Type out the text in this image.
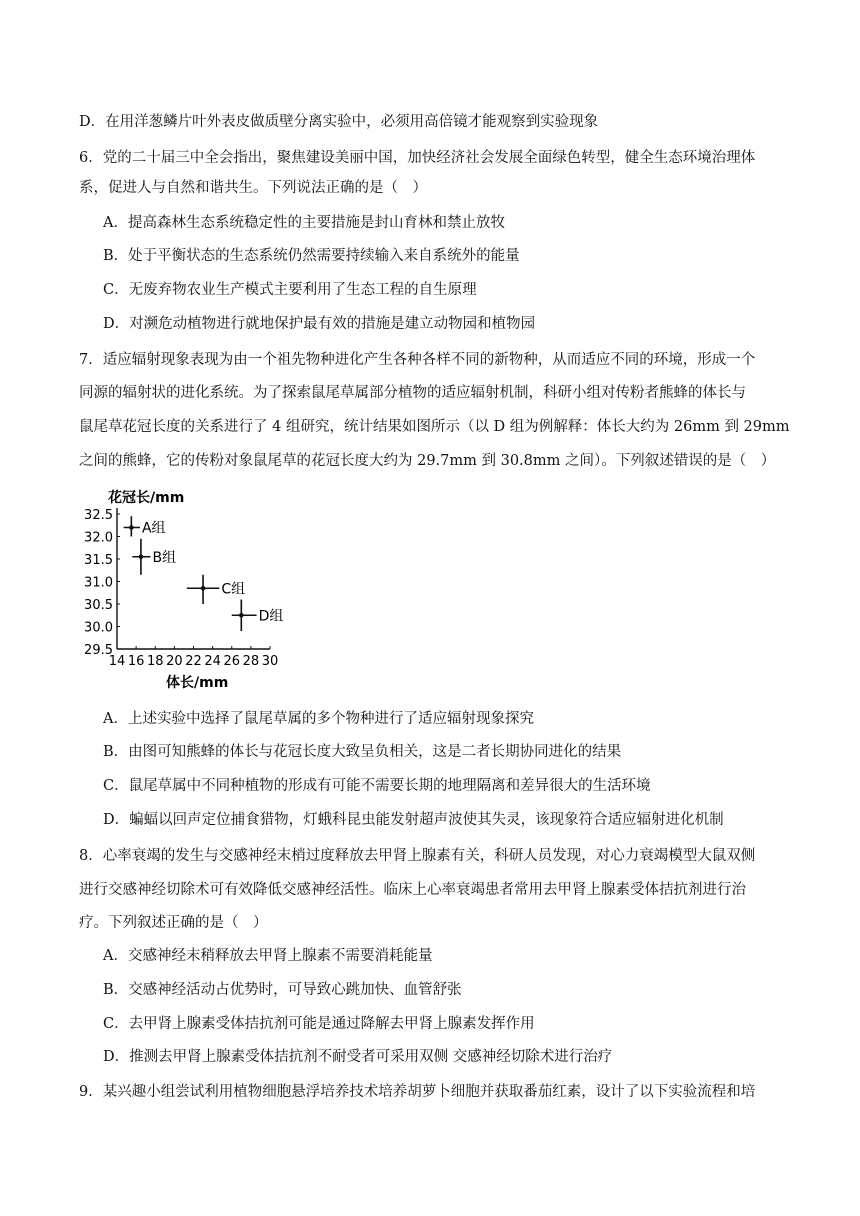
D．在用洋葱鳞片叶外表皮做质壁分离实验中，必须用高倍镜才能观察到实验现象
6．党的二十届三中全会指出，聚焦建设美丽中国，加快经济社会发展全面绿色转型，健全生态环境治理体
系，促进人与自然和谐共生。下列说法正确的是（　）
A．提高森林生态系统稳定性的主要措施是封山育林和禁止放牧
B．处于平衡状态的生态系统仍然需要持续输入来自系统外的能量
C．无废弃物农业生产模式主要利用了生态工程的自生原理
D．对濒危动植物进行就地保护最有效的措施是建立动物园和植物园
7．适应辐射现象表现为由一个祖先物种进化产生各种各样不同的新物种，从而适应不同的环境，形成一个
同源的辐射状的进化系统。为了探索鼠尾草属部分植物的适应辐射机制，科研小组对传粉者熊蜂的体长与
鼠尾草花冠长度的关系进行了 4 组研究，统计结果如图所示（以 D 组为例解释：体长大约为 26mm 到 29mm
之间的熊蜂，它的传粉对象鼠尾草的花冠长度大约为 29.7mm 到 30.8mm 之间）。下列叙述错误的是（　）
花冠长/mm
体长/mm
14 16 18 20 22 24 26 28 30
29.5
30.0
30.5
31.0
31.5
32.0
32.5
A组
B组
C组
D组
A．上述实验中选择了鼠尾草属的多个物种进行了适应辐射现象探究
B．由图可知熊蜂的体长与花冠长度大致呈负相关，这是二者长期协同进化的结果
C．鼠尾草属中不同种植物的形成有可能不需要长期的地理隔离和差异很大的生活环境
D．蝙蝠以回声定位捕食猎物，灯蛾科昆虫能发射超声波使其失灵，该现象符合适应辐射进化机制
8．心率衰竭的发生与交感神经末梢过度释放去甲肾上腺素有关，科研人员发现，对心力衰竭模型大鼠双侧
进行交感神经切除术可有效降低交感神经活性。临床上心率衰竭患者常用去甲肾上腺素受体拮抗剂进行治
疗。下列叙述正确的是（　）
A．交感神经末稍释放去甲肾上腺素不需要消耗能量
B．交感神经活动占优势时，可导致心跳加快、血管舒张
C．去甲肾上腺素受体拮抗剂可能是通过降解去甲肾上腺素发挥作用
D．推测去甲肾上腺素受体拮抗剂不耐受者可采用双侧 交感神经切除术进行治疗
9．某兴趣小组尝试利用植物细胞悬浮培养技术培养胡萝卜细胞并获取番茄红素，设计了以下实验流程和培
